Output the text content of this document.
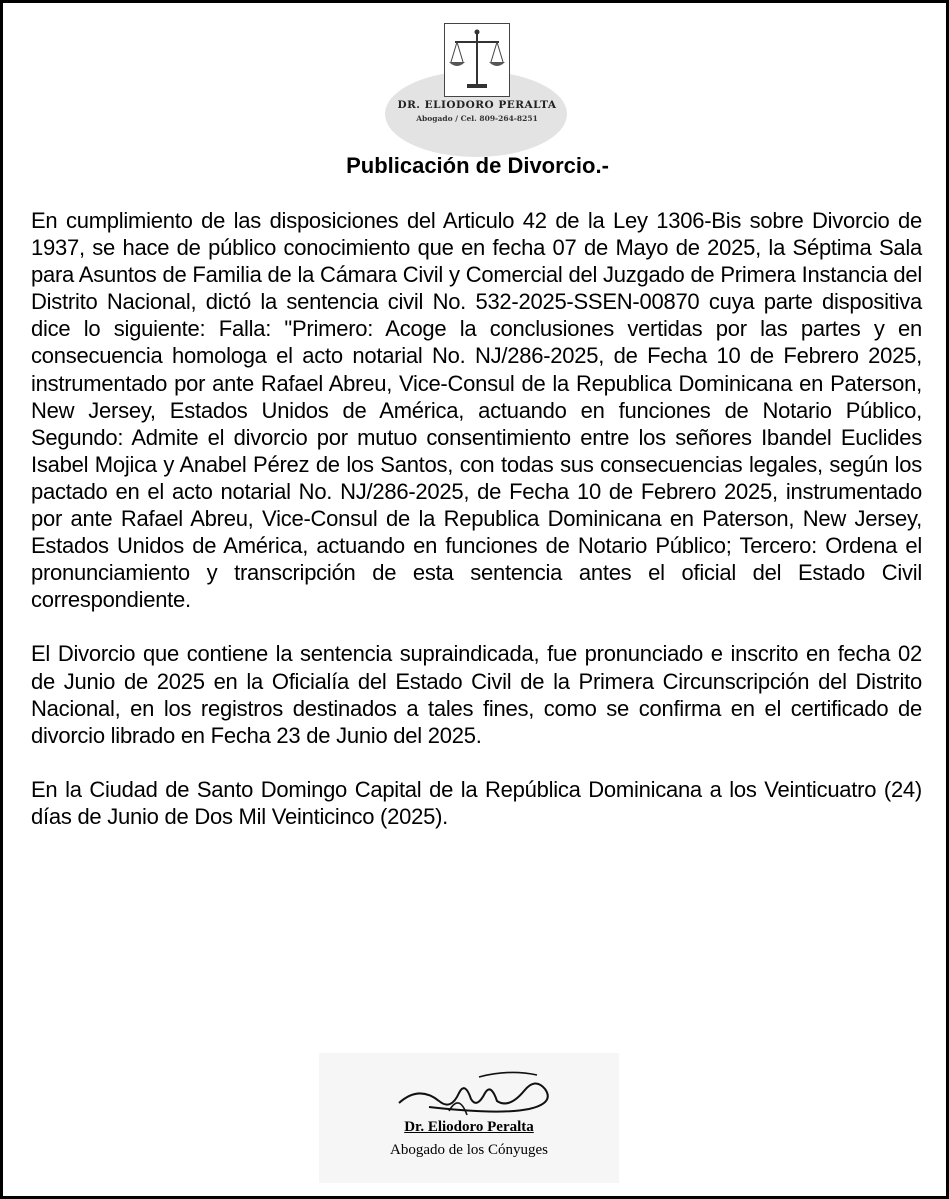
DR. ELIODORO PERALTA
Abogado / Cel. 809-264-8251
Publicación de Divorcio.-

En cumplimiento de las disposiciones del Articulo 42 de la Ley 1306-Bis sobre Divorcio de 1937, se hace de público conocimiento que en fecha 07 de Mayo de 2025, la Séptima Sala para Asuntos de Familia de la Cámara Civil y Comercial del Juzgado de Primera Instancia del Distrito Nacional, dictó la sentencia civil No. 532-2025-SSEN-00870 cuya parte dispositiva dice lo siguiente: Falla: "Primero: Acoge la conclusiones vertidas por las partes y en consecuencia homologa el acto notarial No. NJ/286-2025, de Fecha 10 de Febrero 2025, instrumentado por ante Rafael Abreu, Vice-Consul de la Republica Dominicana en Paterson, New Jersey, Estados Unidos de América, actuando en funciones de Notario Público, Segundo: Admite el divorcio por mutuo consentimiento entre los señores Ibandel Euclides Isabel Mojica y Anabel Pérez de los Santos, con todas sus consecuencias legales, según los pactado en el acto notarial No. NJ/286-2025, de Fecha 10 de Febrero 2025, instrumentado por ante Rafael Abreu, Vice-Consul de la Republica Dominicana en Paterson, New Jersey, Estados Unidos de América, actuando en funciones de Notario Público; Tercero: Ordena el pronunciamiento y transcripción de esta sentencia antes el oficial del Estado Civil correspondiente.

El Divorcio que contiene la sentencia supraindicada, fue pronunciado e inscrito en fecha 02 de Junio de 2025 en la Oficialía del Estado Civil de la Primera Circunscripción del Distrito Nacional, en los registros destinados a tales fines, como se confirma en el certificado de divorcio librado en Fecha 23 de Junio del 2025.

En la Ciudad de Santo Domingo Capital de la República Dominicana a los Veinticuatro (24) días de Junio de Dos Mil Veinticinco (2025).

Dr. Eliodoro Peralta
Abogado de los Cónyuges
